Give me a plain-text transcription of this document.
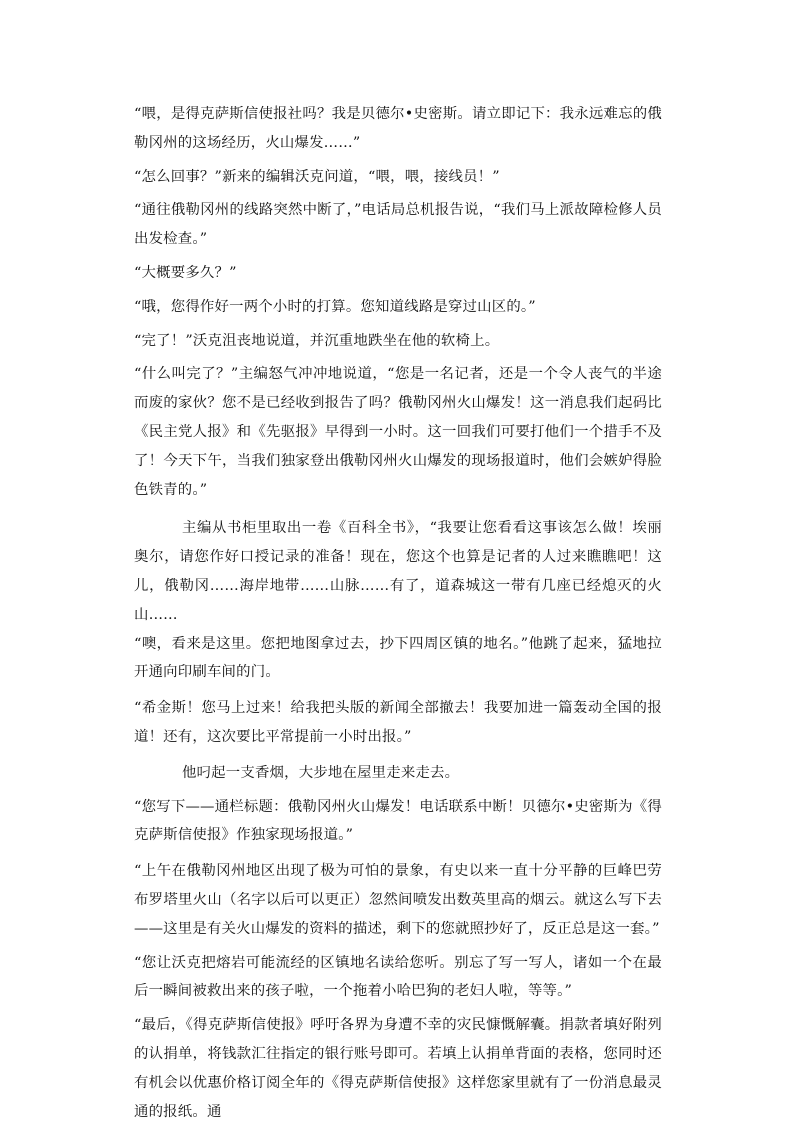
“喂，是得克萨斯信使报社吗？我是贝德尔•史密斯。请立即记下：我永远难忘的俄勒冈州的这场经历，火山爆发……”

“怎么回事？”新来的编辑沃克问道，“喂，喂，接线员！”

“通往俄勒冈州的线路突然中断了，”电话局总机报告说，“我们马上派故障检修人员出发检查。”

“大概要多久？”

“哦，您得作好一两个小时的打算。您知道线路是穿过山区的。”

“完了！”沃克沮丧地说道，并沉重地跌坐在他的软椅上。

“什么叫完了？”主编怒气冲冲地说道，“您是一名记者，还是一个令人丧气的半途而废的家伙？您不是已经收到报告了吗？俄勒冈州火山爆发！这一消息我们起码比《民主党人报》和《先驱报》早得到一小时。这一回我们可要打他们一个措手不及了！今天下午，当我们独家登出俄勒冈州火山爆发的现场报道时，他们会嫉妒得脸色铁青的。”

主编从书柜里取出一卷《百科全书》，“我要让您看看这事该怎么做！埃丽奥尔，请您作好口授记录的准备！现在，您这个也算是记者的人过来瞧瞧吧！这儿，俄勒冈……海岸地带……山脉……有了，道森城这一带有几座已经熄灭的火山……

“噢，看来是这里。您把地图拿过去，抄下四周区镇的地名。”他跳了起来，猛地拉开通向印刷车间的门。

“希金斯！您马上过来！给我把头版的新闻全部撤去！我要加进一篇轰动全国的报道！还有，这次要比平常提前一小时出报。”

他叼起一支香烟，大步地在屋里走来走去。

“您写下——通栏标题：俄勒冈州火山爆发！电话联系中断！贝德尔•史密斯为《得克萨斯信使报》作独家现场报道。”

“上午在俄勒冈州地区出现了极为可怕的景象，有史以来一直十分平静的巨峰巴劳布罗塔里火山（名字以后可以更正）忽然间喷发出数英里高的烟云。就这么写下去——这里是有关火山爆发的资料的描述，剩下的您就照抄好了，反正总是这一套。”

“您让沃克把熔岩可能流经的区镇地名读给您听。别忘了写一写人，诸如一个在最后一瞬间被救出来的孩子啦，一个拖着小哈巴狗的老妇人啦，等等。”

“最后，《得克萨斯信使报》呼吁各界为身遭不幸的灾民慷慨解囊。捐款者填好附列的认捐单，将钱款汇往指定的银行账号即可。若填上认捐单背面的表格，您同时还有机会以优惠价格订阅全年的《得克萨斯信使报》这样您家里就有了一份消息最灵通的报纸。通
